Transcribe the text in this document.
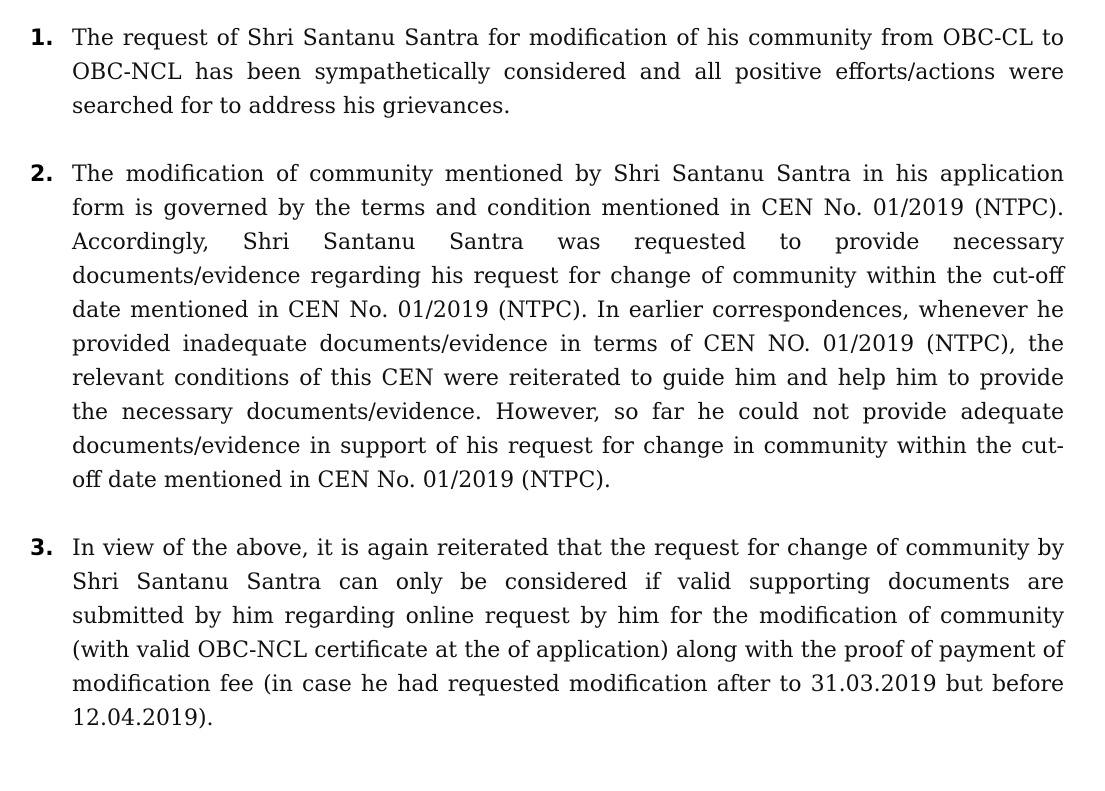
1. The request of Shri Santanu Santra for modification of his community from OBC-CL to OBC-NCL has been sympathetically considered and all positive efforts/actions were searched for to address his grievances.

2. The modification of community mentioned by Shri Santanu Santra in his application form is governed by the terms and condition mentioned in CEN No. 01/2019 (NTPC). Accordingly, Shri Santanu Santra was requested to provide necessary documents/evidence regarding his request for change of community within the cut-off date mentioned in CEN No. 01/2019 (NTPC). In earlier correspondences, whenever he provided inadequate documents/evidence in terms of CEN NO. 01/2019 (NTPC), the relevant conditions of this CEN were reiterated to guide him and help him to provide the necessary documents/evidence. However, so far he could not provide adequate documents/evidence in support of his request for change in community within the cut-off date mentioned in CEN No. 01/2019 (NTPC).

3. In view of the above, it is again reiterated that the request for change of community by Shri Santanu Santra can only be considered if valid supporting documents are submitted by him regarding online request by him for the modification of community (with valid OBC-NCL certificate at the of application) along with the proof of payment of modification fee (in case he had requested modification after to 31.03.2019 but before 12.04.2019).
